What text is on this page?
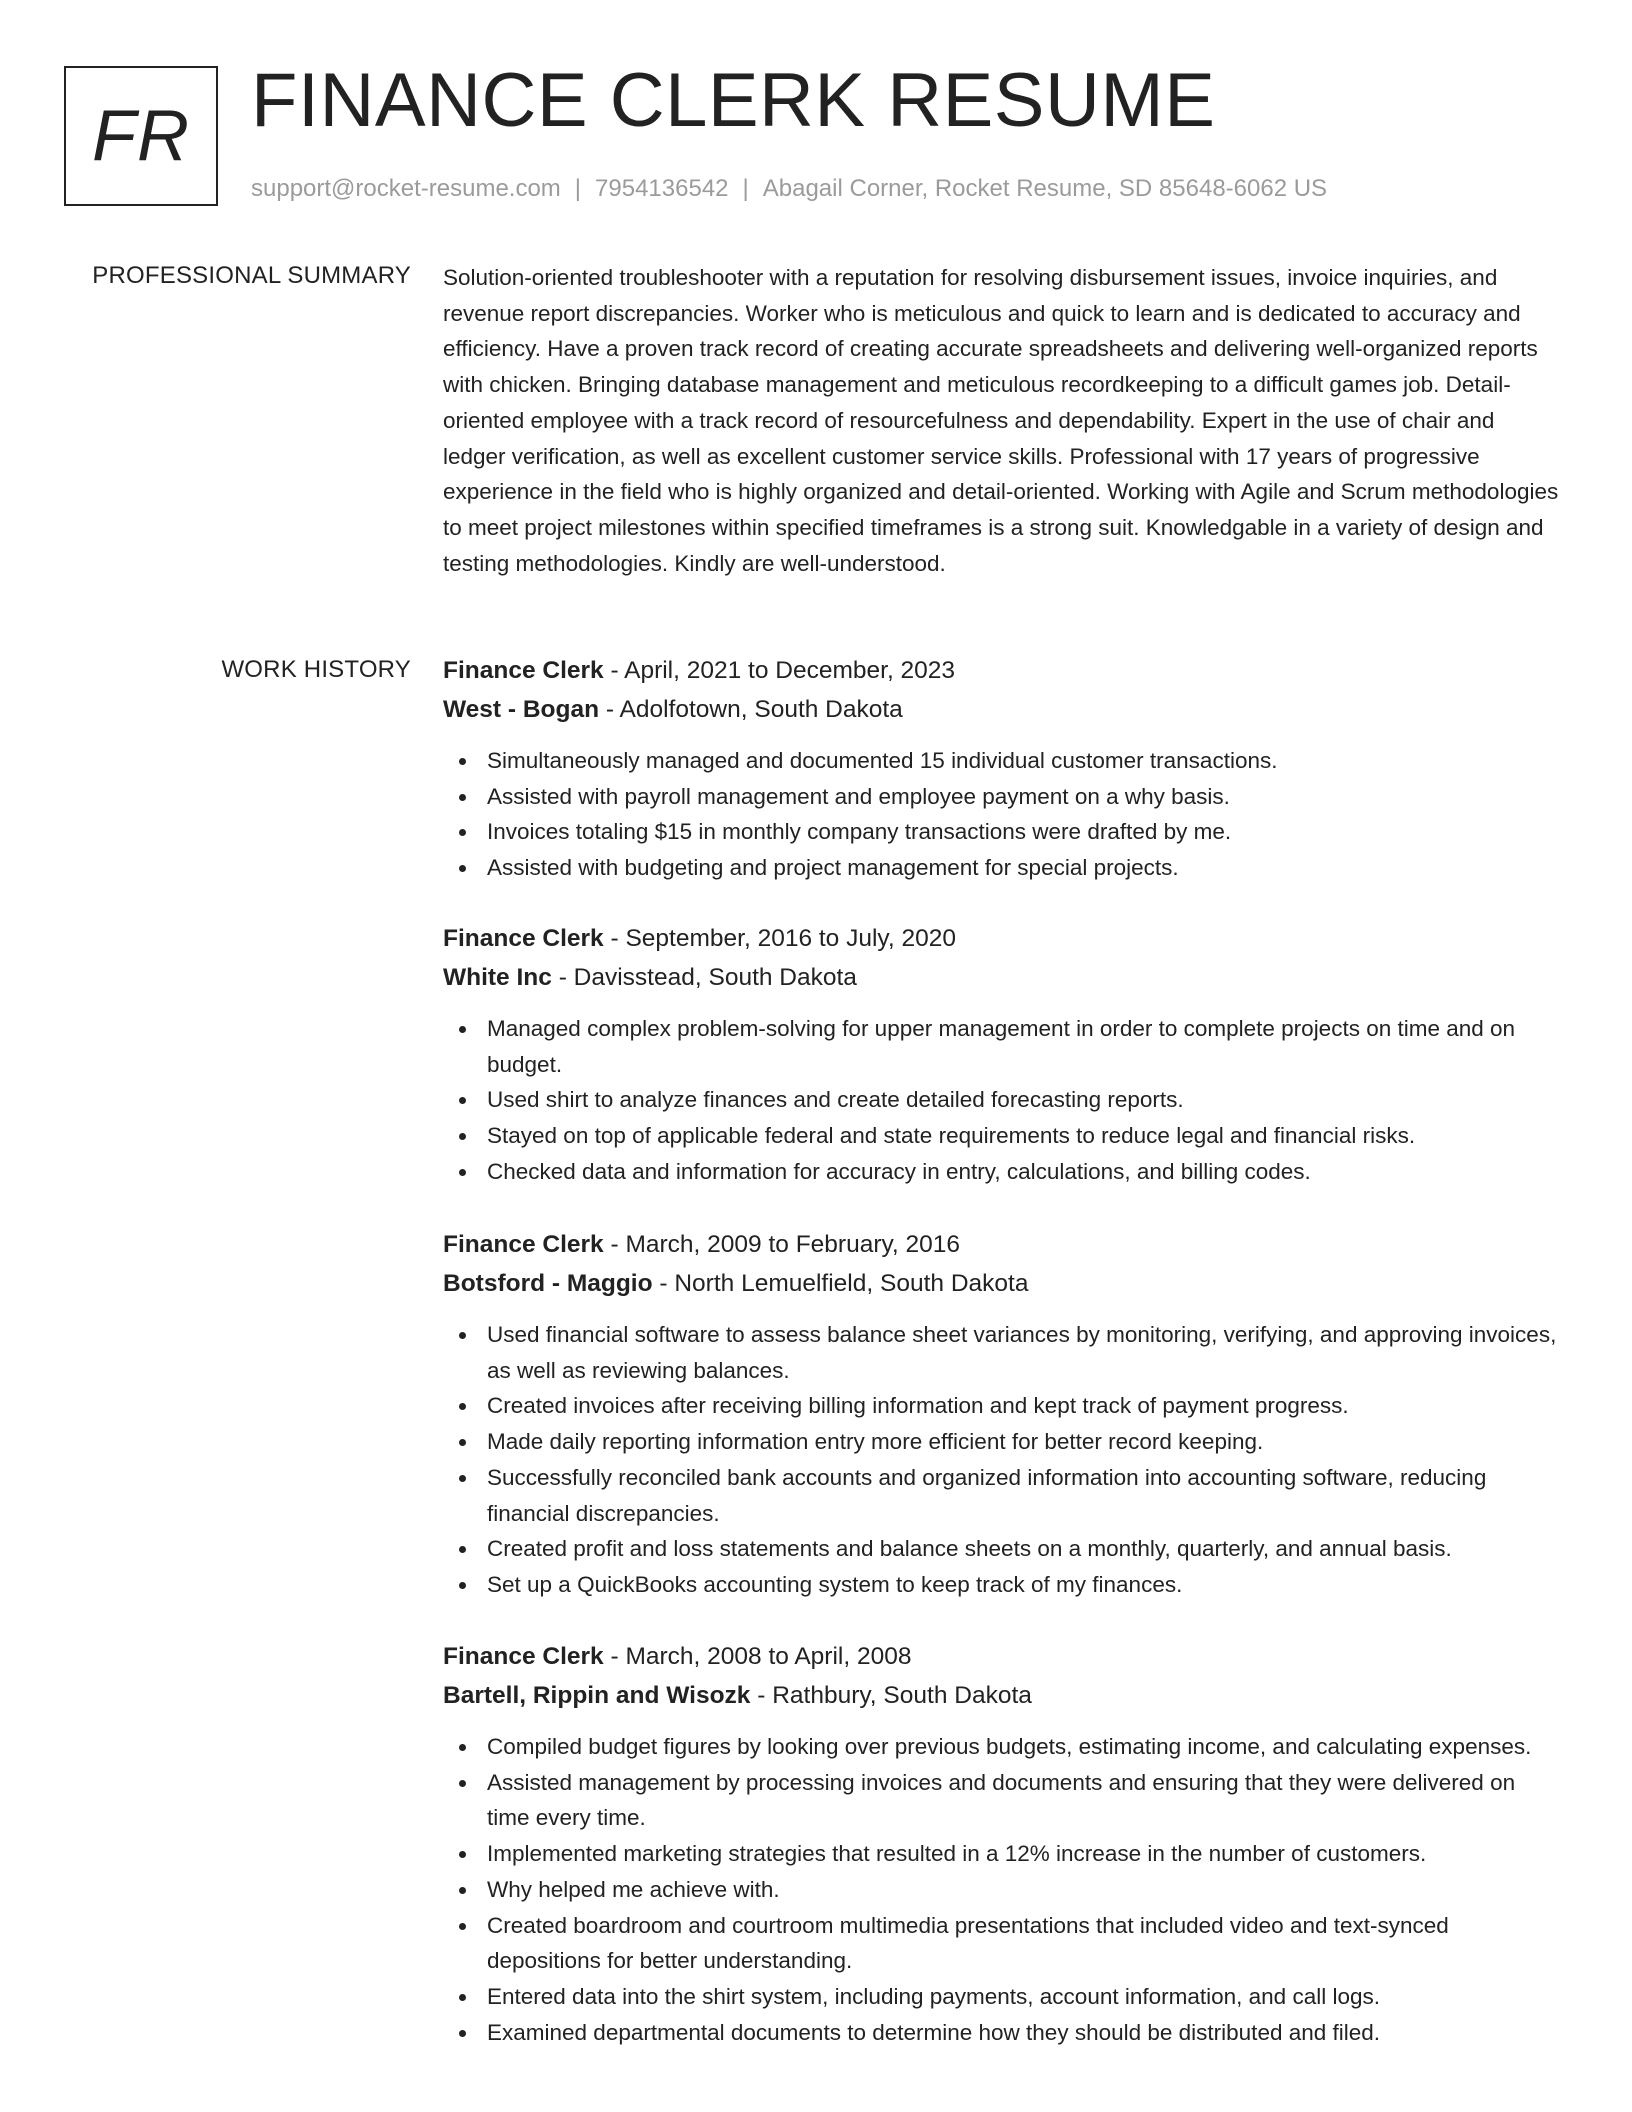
FR FINANCE CLERK RESUME
support@rocket-resume.com | 7954136542 | Abagail Corner, Rocket Resume, SD 85648-6062 US
PROFESSIONAL SUMMARY Solution-oriented troubleshooter with a reputation for resolving disbursement issues, invoice inquiries, and revenue report discrepancies. Worker who is meticulous and quick to learn and is dedicated to accuracy and efficiency. Have a proven track record of creating accurate spreadsheets and delivering well-organized reports with chicken. Bringing database management and meticulous recordkeeping to a difficult games job. Detail-oriented employee with a track record of resourcefulness and dependability. Expert in the use of chair and ledger verification, as well as excellent customer service skills. Professional with 17 years of progressive experience in the field who is highly organized and detail-oriented. Working with Agile and Scrum methodologies to meet project milestones within specified timeframes is a strong suit. Knowledgable in a variety of design and testing methodologies. Kindly are well-understood.

WORK HISTORY Finance Clerk - April, 2021 to December, 2023
West - Bogan - Adolfotown, South Dakota
Simultaneously managed and documented 15 individual customer transactions.
Assisted with payroll management and employee payment on a why basis.
Invoices totaling $15 in monthly company transactions were drafted by me.
Assisted with budgeting and project management for special projects.
Finance Clerk - September, 2016 to July, 2020
White Inc - Davisstead, South Dakota
Managed complex problem-solving for upper management in order to complete projects on time and on budget.
Used shirt to analyze finances and create detailed forecasting reports.
Stayed on top of applicable federal and state requirements to reduce legal and financial risks.
Checked data and information for accuracy in entry, calculations, and billing codes.
Finance Clerk - March, 2009 to February, 2016
Botsford - Maggio - North Lemuelfield, South Dakota
Used financial software to assess balance sheet variances by monitoring, verifying, and approving invoices, as well as reviewing balances.
Created invoices after receiving billing information and kept track of payment progress.
Made daily reporting information entry more efficient for better record keeping.
Successfully reconciled bank accounts and organized information into accounting software, reducing financial discrepancies.
Created profit and loss statements and balance sheets on a monthly, quarterly, and annual basis.
Set up a QuickBooks accounting system to keep track of my finances.
Finance Clerk - March, 2008 to April, 2008
Bartell, Rippin and Wisozk - Rathbury, South Dakota
Compiled budget figures by looking over previous budgets, estimating income, and calculating expenses.
Assisted management by processing invoices and documents and ensuring that they were delivered on time every time.
Implemented marketing strategies that resulted in a 12% increase in the number of customers.
Why helped me achieve with.
Created boardroom and courtroom multimedia presentations that included video and text-synced depositions for better understanding.
Entered data into the shirt system, including payments, account information, and call logs.
Examined departmental documents to determine how they should be distributed and filed.
